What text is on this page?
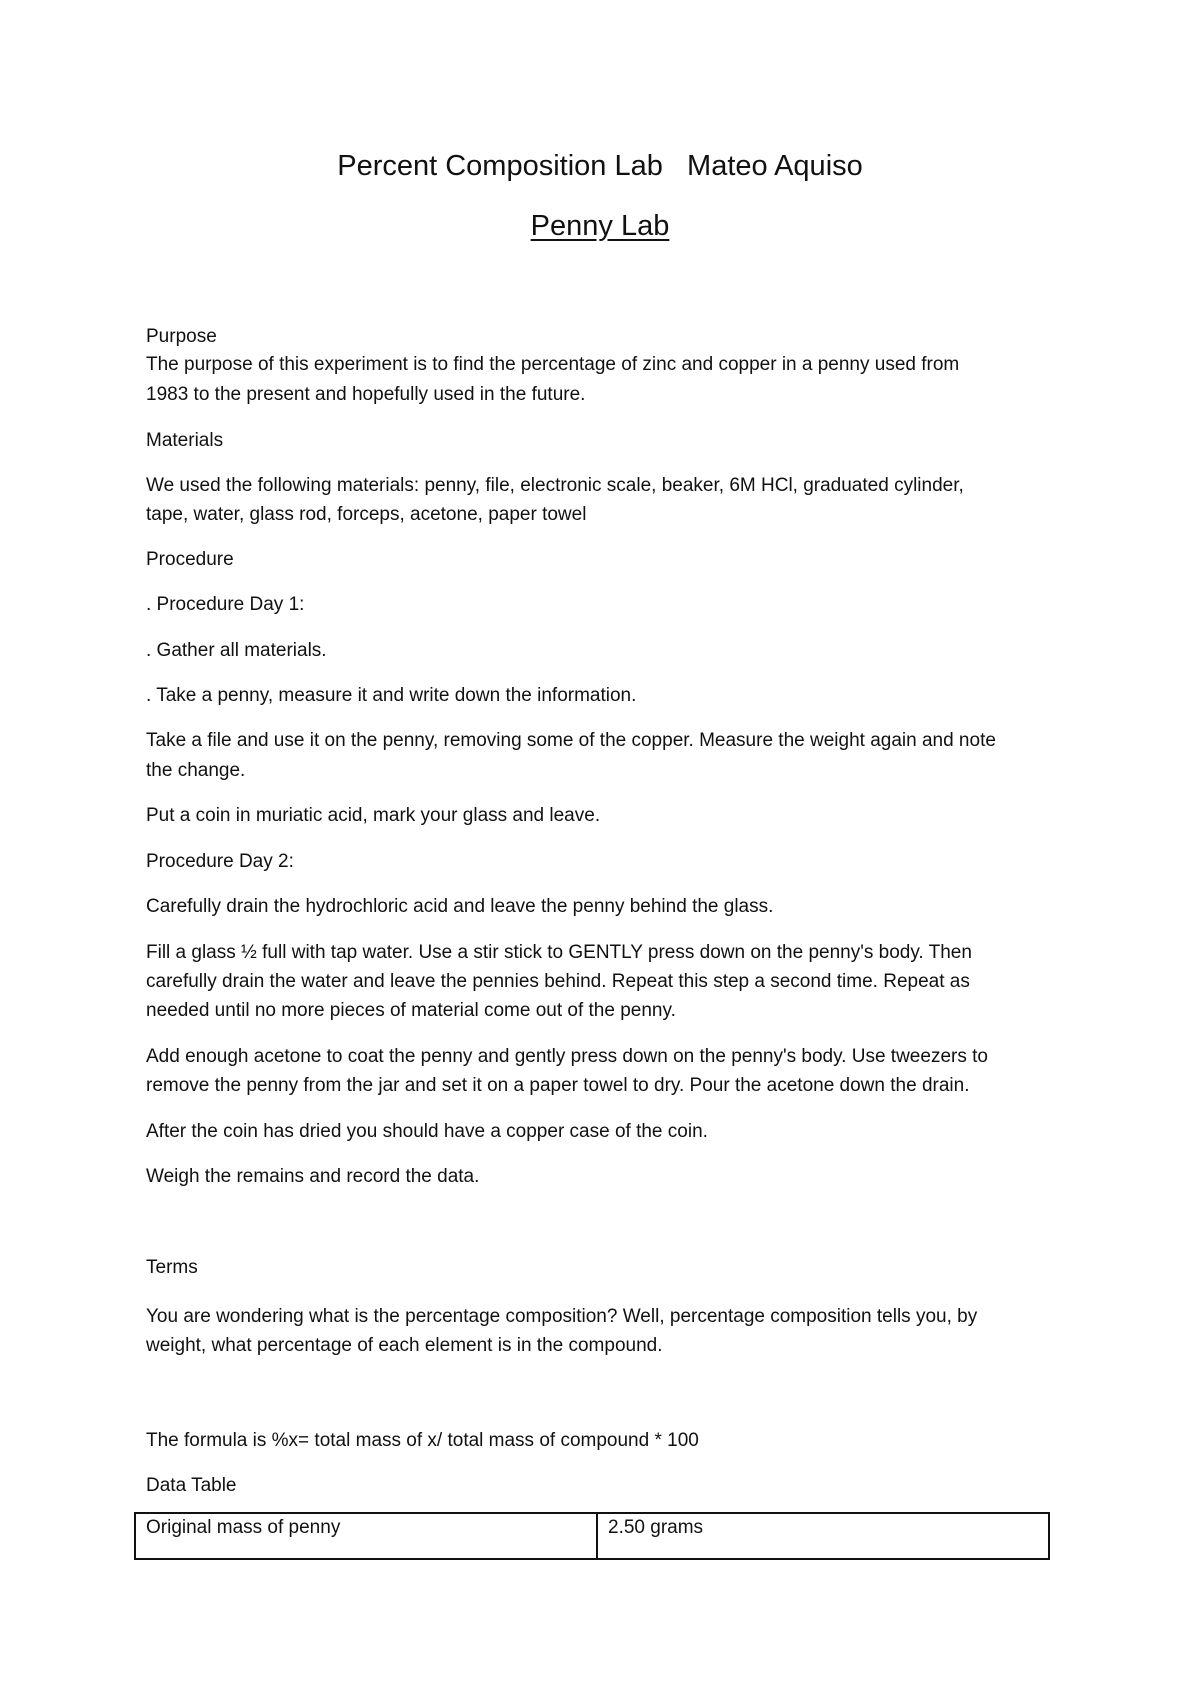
Percent Composition Lab   Mateo Aquiso
Penny Lab
Purpose
The purpose of this experiment is to find the percentage of zinc and copper in a penny used from
1983 to the present and hopefully used in the future.
Materials
We used the following materials: penny, file, electronic scale, beaker, 6M HCl, graduated cylinder,
tape, water, glass rod, forceps, acetone, paper towel
Procedure
. Procedure Day 1:
. Gather all materials.
. Take a penny, measure it and write down the information.
Take a file and use it on the penny, removing some of the copper. Measure the weight again and note
the change.
Put a coin in muriatic acid, mark your glass and leave.
Procedure Day 2:
Carefully drain the hydrochloric acid and leave the penny behind the glass.
Fill a glass ½ full with tap water. Use a stir stick to GENTLY press down on the penny's body. Then
carefully drain the water and leave the pennies behind. Repeat this step a second time. Repeat as
needed until no more pieces of material come out of the penny.
Add enough acetone to coat the penny and gently press down on the penny's body. Use tweezers to
remove the penny from the jar and set it on a paper towel to dry. Pour the acetone down the drain.
After the coin has dried you should have a copper case of the coin.
Weigh the remains and record the data.
Terms
You are wondering what is the percentage composition? Well, percentage composition tells you, by
weight, what percentage of each element is in the compound.
The formula is %x= total mass of x/ total mass of compound * 100
Data Table
Original mass of penny	2.50 grams
